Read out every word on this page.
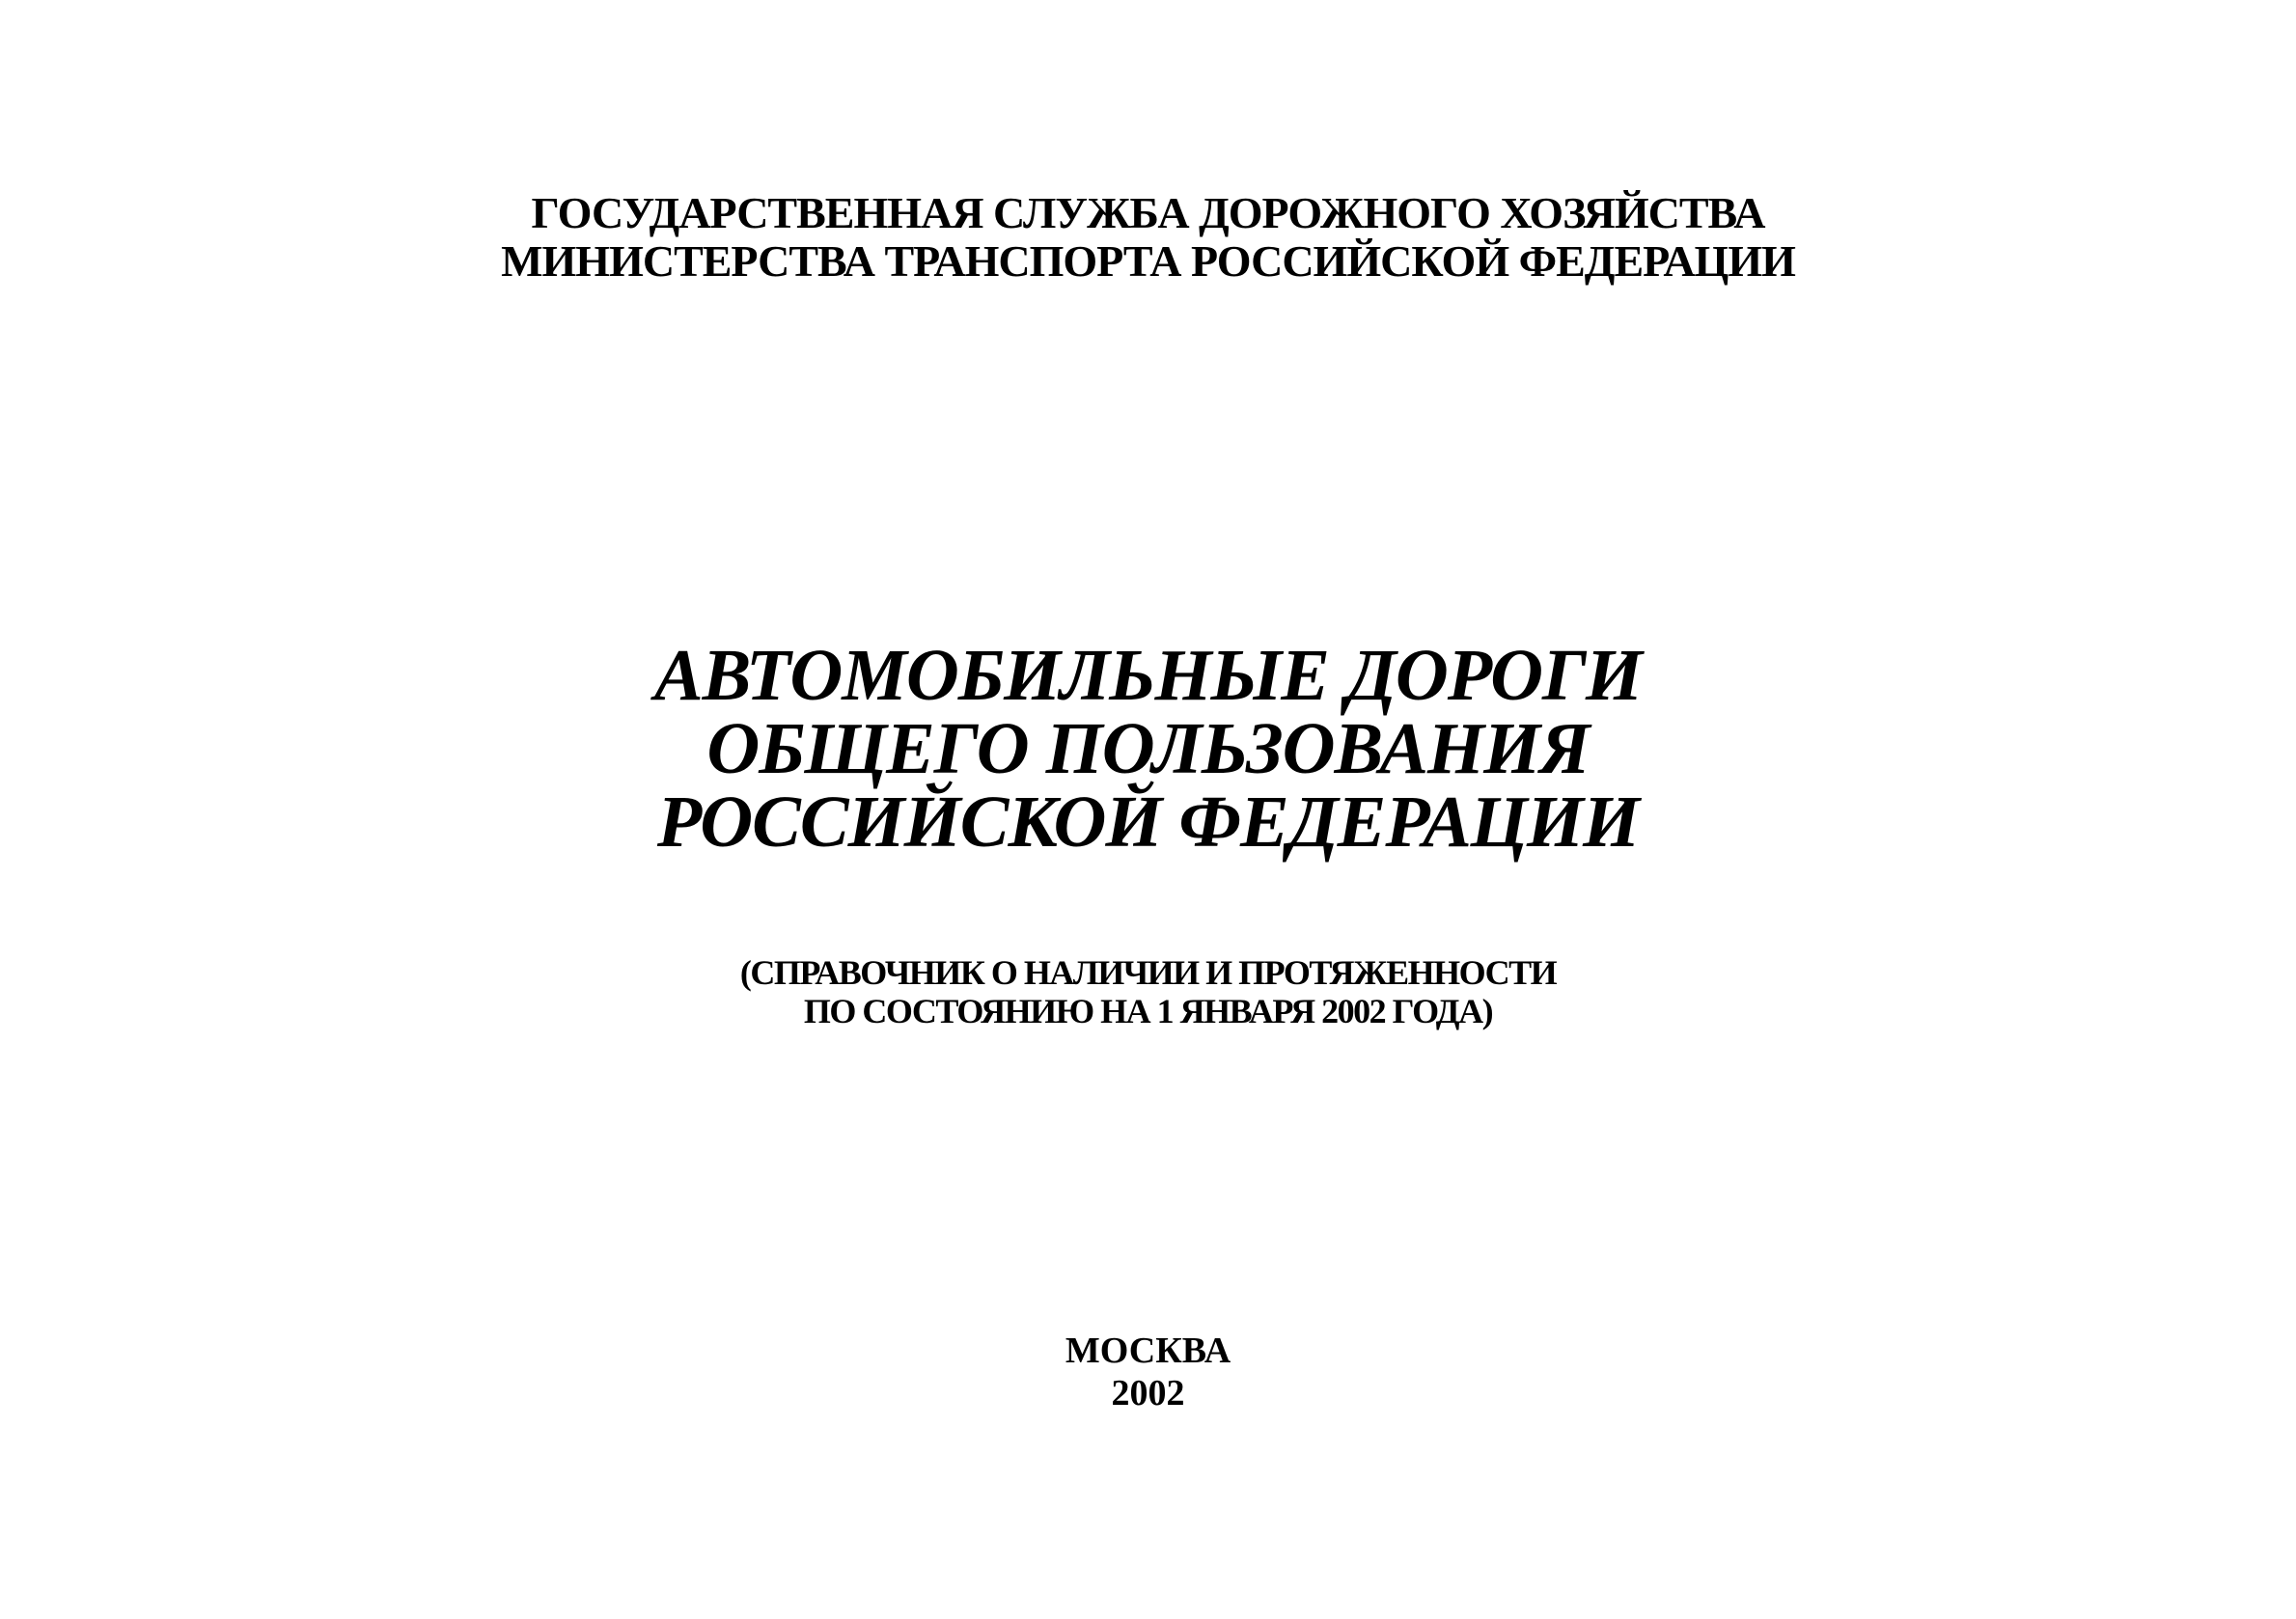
ГОСУДАРСТВЕННАЯ СЛУЖБА ДОРОЖНОГО ХОЗЯЙСТВА
МИНИСТЕРСТВА ТРАНСПОРТА РОССИЙСКОЙ ФЕДЕРАЦИИ
АВТОМОБИЛЬНЫЕ ДОРОГИ
ОБЩЕГО ПОЛЬЗОВАНИЯ
РОССИЙСКОЙ ФЕДЕРАЦИИ
(СПРАВОЧНИК О НАЛИЧИИ И ПРОТЯЖЕННОСТИ
ПО СОСТОЯНИЮ НА 1 ЯНВАРЯ 2002 ГОДА)
МОСКВА
2002
